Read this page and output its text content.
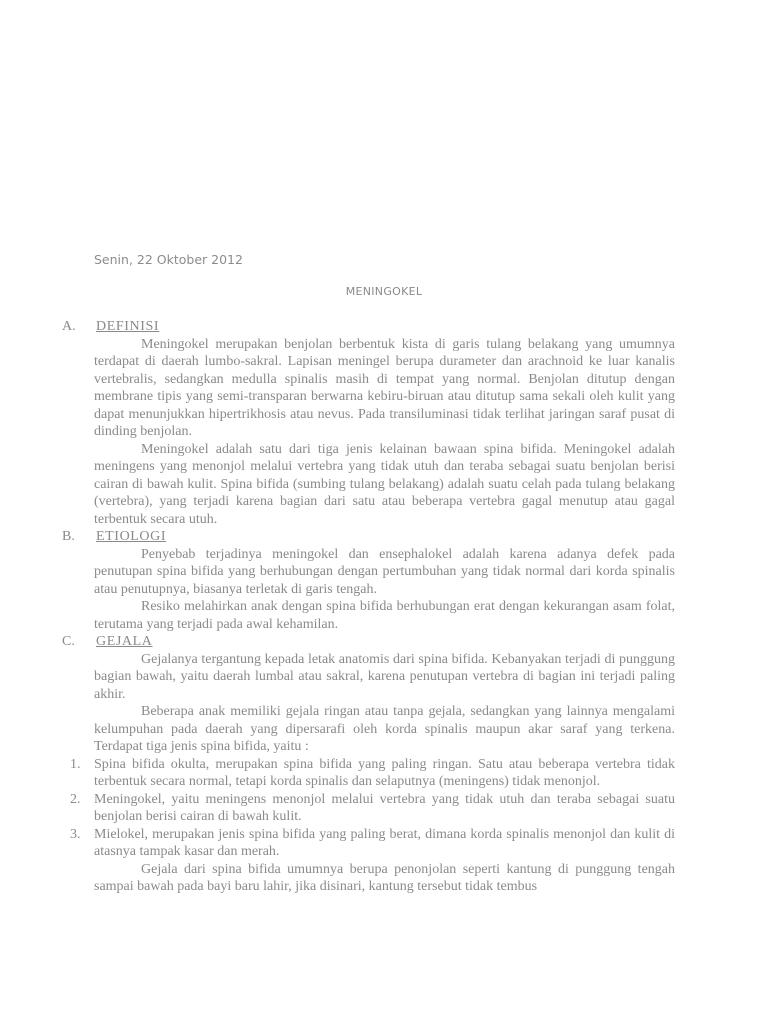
Senin, 22 Oktober 2012
MENINGOKEL
A. DEFINISI

Meningokel merupakan benjolan berbentuk kista di garis tulang belakang yang umumnya terdapat di daerah lumbo-sakral. Lapisan meningel berupa durameter dan arachnoid ke luar kanalis vertebralis, sedangkan medulla spinalis masih di tempat yang normal. Benjolan ditutup dengan membrane tipis yang semi-transparan berwarna kebiru-biruan atau ditutup sama sekali oleh kulit yang dapat menunjukkan hipertrikhosis atau nevus. Pada transiluminasi tidak terlihat jaringan saraf pusat di dinding benjolan.

Meningokel adalah satu dari tiga jenis kelainan bawaan spina bifida. Meningokel adalah meningens yang menonjol melalui vertebra yang tidak utuh dan teraba sebagai suatu benjolan berisi cairan di bawah kulit. Spina bifida (sumbing tulang belakang) adalah suatu celah pada tulang belakang (vertebra), yang terjadi karena bagian dari satu atau beberapa vertebra gagal menutup atau gagal terbentuk secara utuh.

B. ETIOLOGI

Penyebab terjadinya meningokel dan ensephalokel adalah karena adanya defek pada penutupan spina bifida yang berhubungan dengan pertumbuhan yang tidak normal dari korda spinalis atau penutupnya, biasanya terletak di garis tengah.

Resiko melahirkan anak dengan spina bifida berhubungan erat dengan kekurangan asam folat, terutama yang terjadi pada awal kehamilan.

C. GEJALA

Gejalanya tergantung kepada letak anatomis dari spina bifida. Kebanyakan terjadi di punggung bagian bawah, yaitu daerah lumbal atau sakral, karena penutupan vertebra di bagian ini terjadi paling akhir.

Beberapa anak memiliki gejala ringan atau tanpa gejala, sedangkan yang lainnya mengalami kelumpuhan pada daerah yang dipersarafi oleh korda spinalis maupun akar saraf yang terkena. Terdapat tiga jenis spina bifida, yaitu :

1. Spina bifida okulta, merupakan spina bifida yang paling ringan. Satu atau beberapa vertebra tidak terbentuk secara normal, tetapi korda spinalis dan selaputnya (meningens) tidak menonjol.
2. Meningokel, yaitu meningens menonjol melalui vertebra yang tidak utuh dan teraba sebagai suatu benjolan berisi cairan di bawah kulit.
3. Mielokel, merupakan jenis spina bifida yang paling berat, dimana korda spinalis menonjol dan kulit di atasnya tampak kasar dan merah.

Gejala dari spina bifida umumnya berupa penonjolan seperti kantung di punggung tengah sampai bawah pada bayi baru lahir, jika disinari, kantung tersebut tidak tembus
